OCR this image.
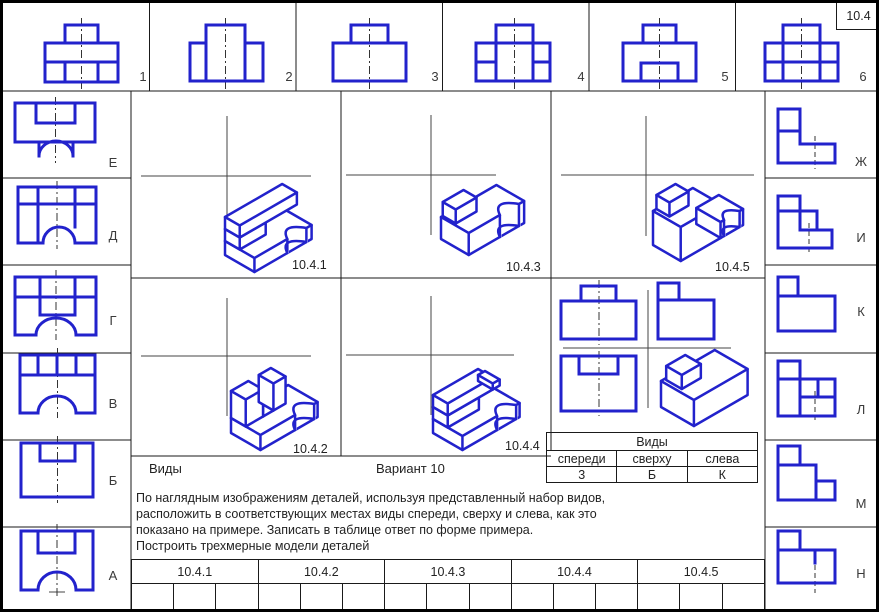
10.4
1	2	3	4	5	6
Е
Д
Г
В
Б
А
Ж
И
К
Л
М
Н
10.4.1	10.4.3	10.4.5
10.4.2	10.4.4
Виды	Вариант 10
Виды		
спереди	сверху	слева
3	Б	К
По наглядным изображениям деталей, используя представленный набор видов,
расположить в соответствующих местах виды спереди, сверху и слева, как это
показано на примере. Записать в таблице ответ по форме примера.
Построить трехмерные модели деталей
10.4.1			10.4.2			10.4.3			10.4.4			10.4.5		
